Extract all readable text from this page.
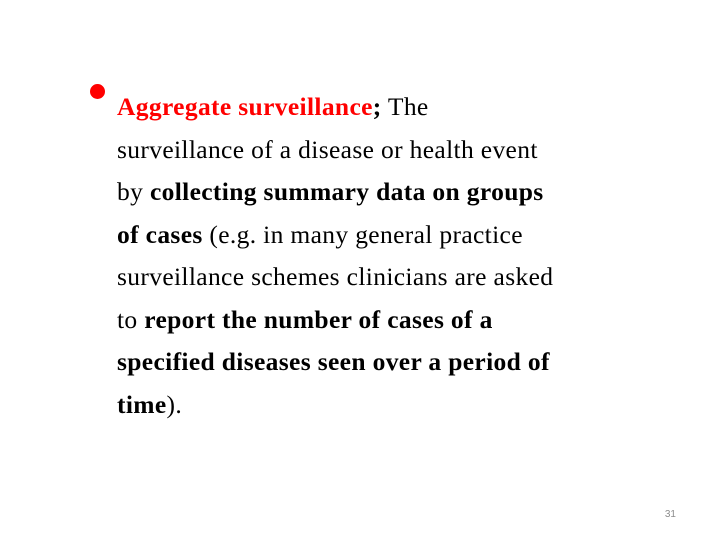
Aggregate surveillance; The
surveillance of a disease or health event
by collecting summary data on groups
of cases (e.g. in many general practice
surveillance schemes clinicians are asked
to report the number of cases of a
specified diseases seen over a period of
time).
31
